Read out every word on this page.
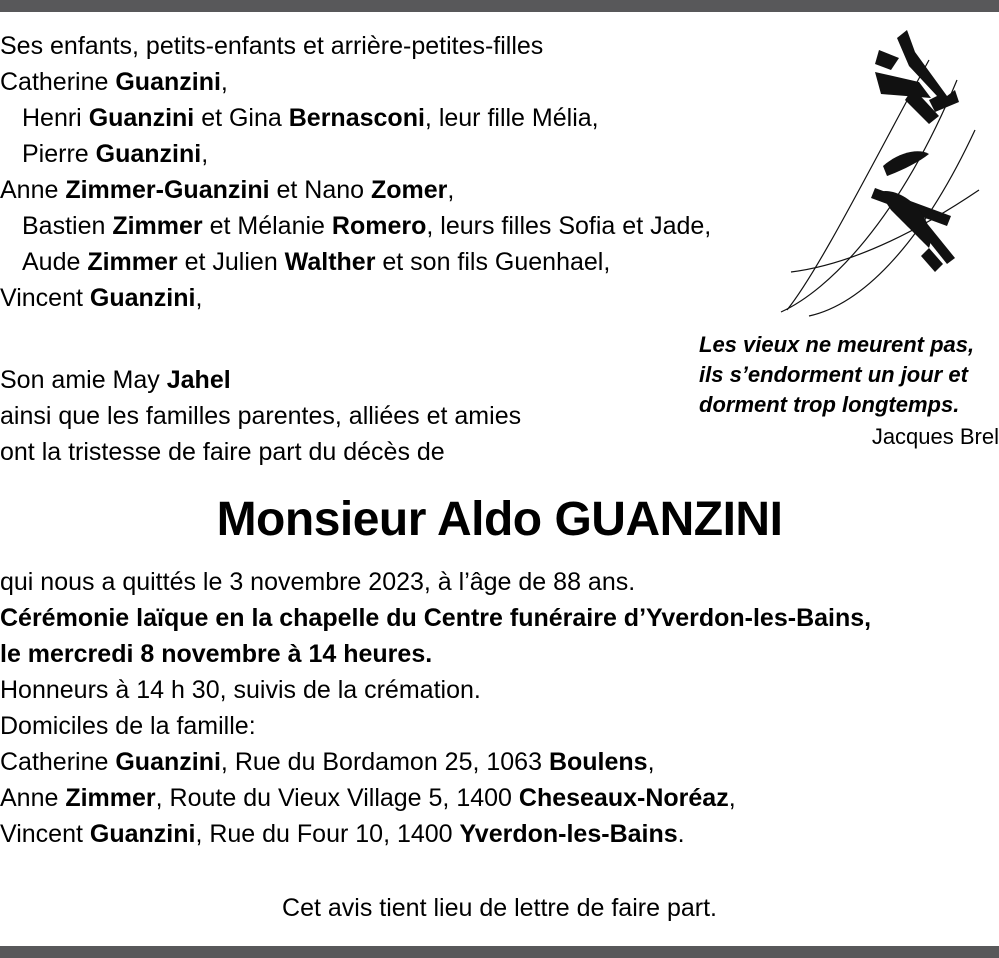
Ses enfants, petits-enfants et arrière-petites-filles
Catherine Guanzini,
Henri Guanzini et Gina Bernasconi, leur fille Mélia,
Pierre Guanzini,
Anne Zimmer-Guanzini et Nano Zomer,
Bastien Zimmer et Mélanie Romero, leurs filles Sofia et Jade,
Aude Zimmer et Julien Walther et son fils Guenhael,
Vincent Guanzini,
Son amie May Jahel
ainsi que les familles parentes, alliées et amies
ont la tristesse de faire part du décès de
Les vieux ne meurent pas,
ils s’endorment un jour et
dorment trop longtemps.
Jacques Brel
Monsieur Aldo GUANZINI
qui nous a quittés le 3 novembre 2023, à l’âge de 88 ans.
Cérémonie laïque en la chapelle du Centre funéraire d’Yverdon-les-Bains,
le mercredi 8 novembre à 14 heures.
Honneurs à 14 h 30, suivis de la crémation.
Domiciles de la famille:
Catherine Guanzini, Rue du Bordamon 25, 1063 Boulens,
Anne Zimmer, Route du Vieux Village 5, 1400 Cheseaux-Noréaz,
Vincent Guanzini, Rue du Four 10, 1400 Yverdon-les-Bains.
Cet avis tient lieu de lettre de faire part.
